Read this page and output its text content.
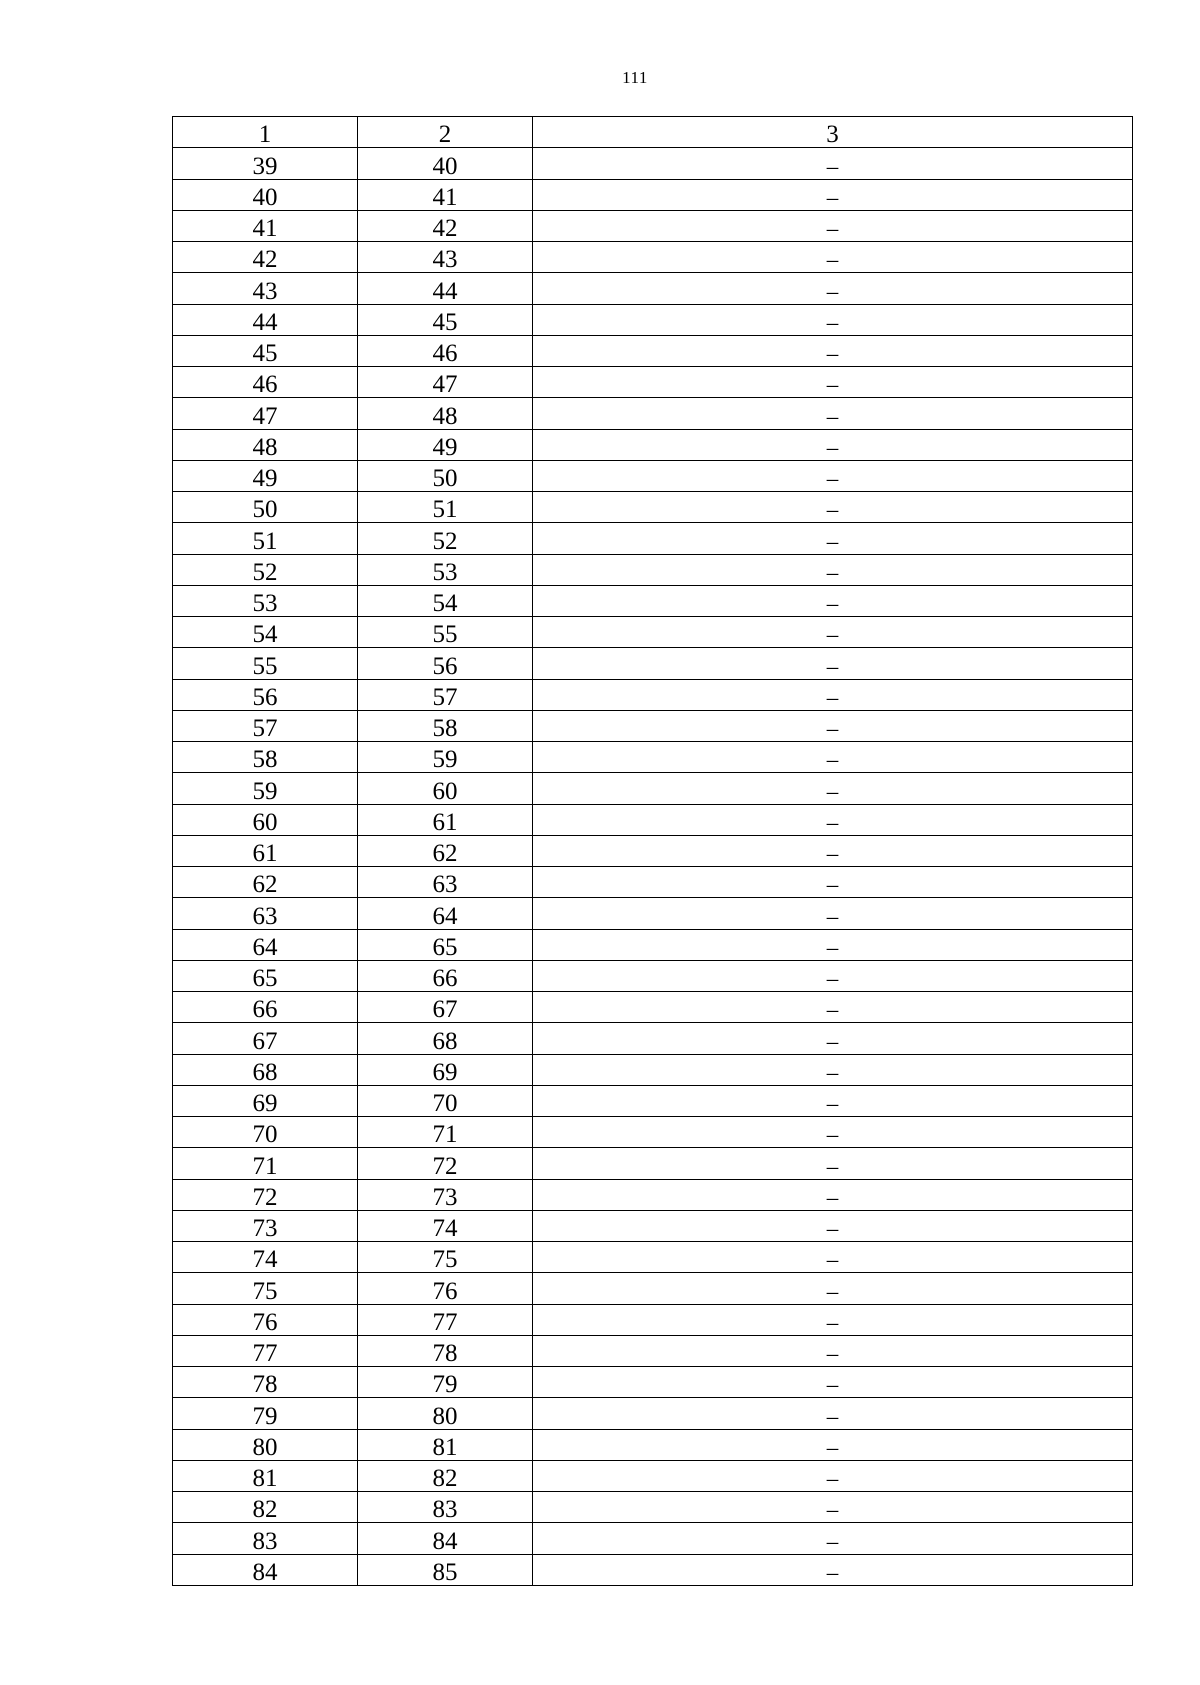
111
1	2	3
39	40	–
40	41	–
41	42	–
42	43	–
43	44	–
44	45	–
45	46	–
46	47	–
47	48	–
48	49	–
49	50	–
50	51	–
51	52	–
52	53	–
53	54	–
54	55	–
55	56	–
56	57	–
57	58	–
58	59	–
59	60	–
60	61	–
61	62	–
62	63	–
63	64	–
64	65	–
65	66	–
66	67	–
67	68	–
68	69	–
69	70	–
70	71	–
71	72	–
72	73	–
73	74	–
74	75	–
75	76	–
76	77	–
77	78	–
78	79	–
79	80	–
80	81	–
81	82	–
82	83	–
83	84	–
84	85	–
